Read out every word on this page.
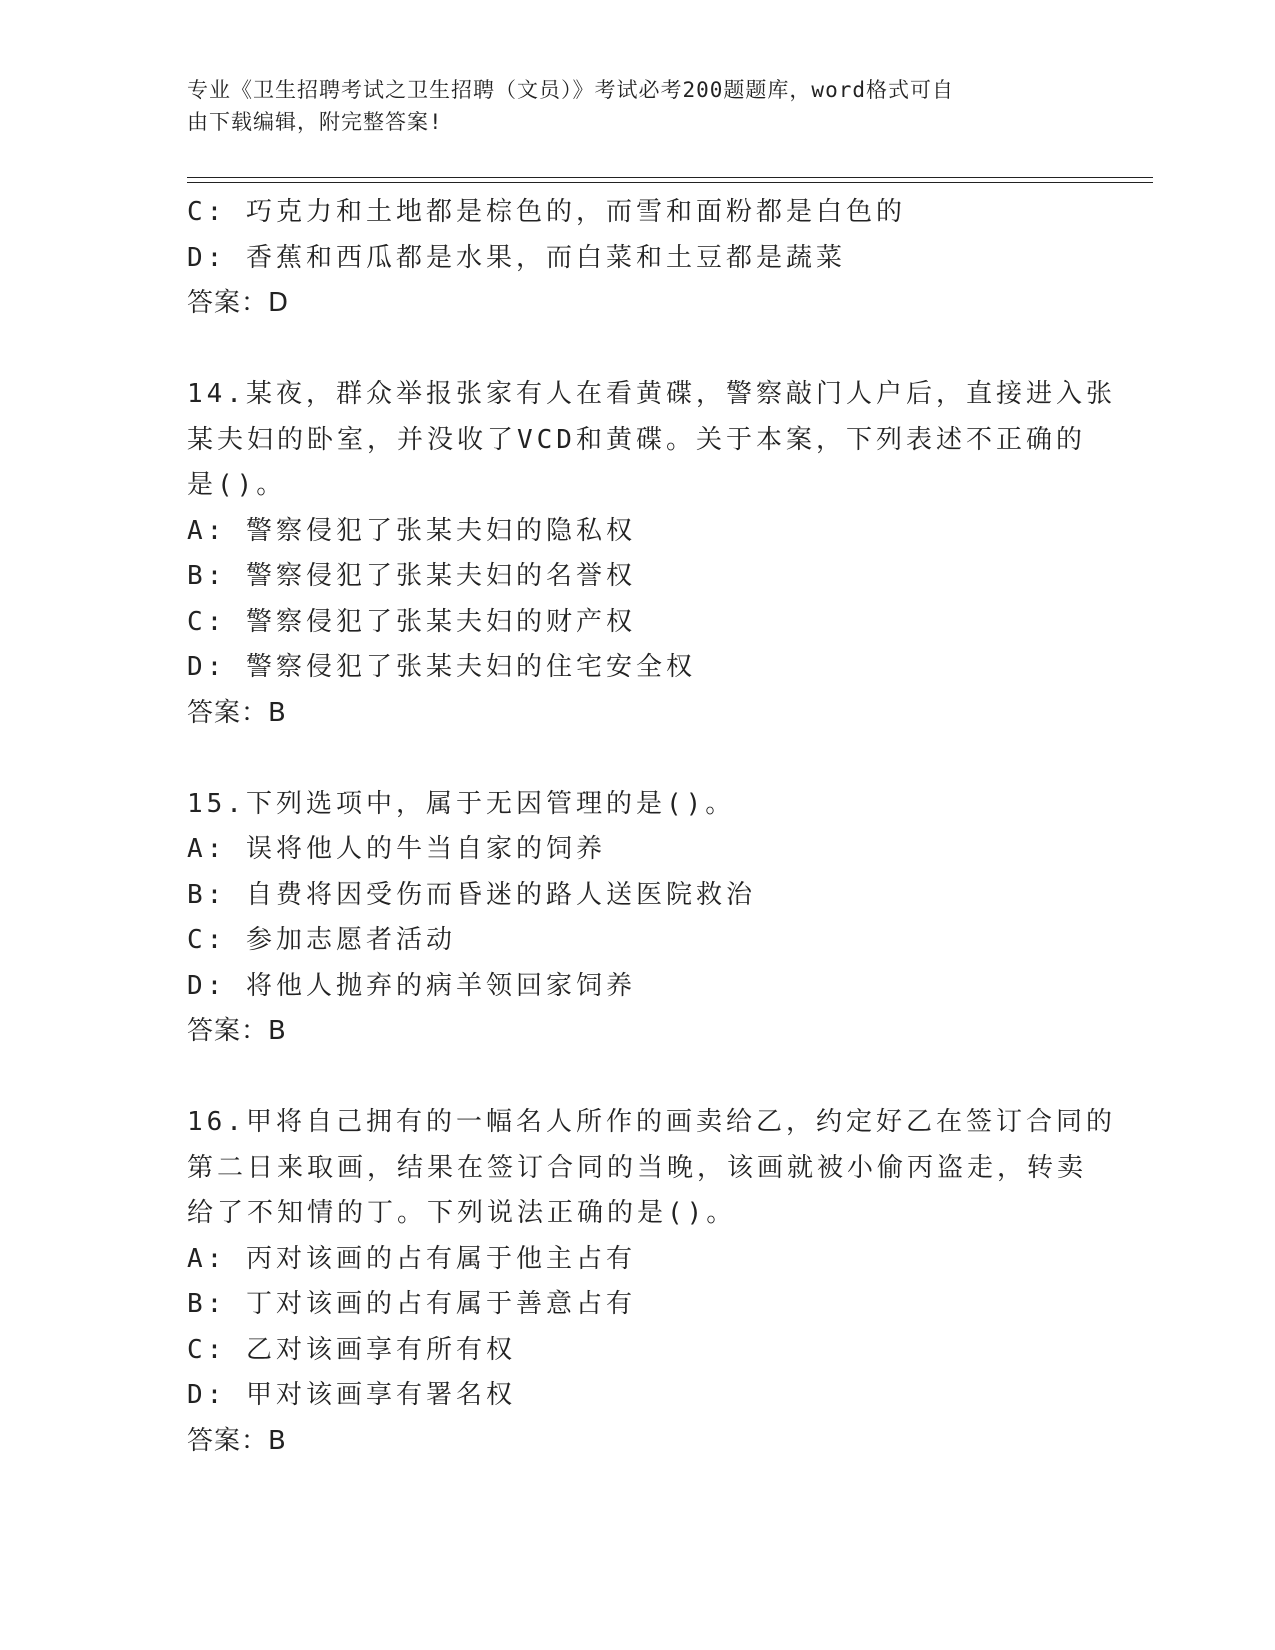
专业《卫生招聘考试之卫生招聘（文员）》考试必考200题题库，word格式可自
由下载编辑，附完整答案!
C: 巧克力和土地都是棕色的，而雪和面粉都是白色的
D: 香蕉和西瓜都是水果，而白菜和土豆都是蔬菜
答案：D
14.某夜，群众举报张家有人在看黄碟，警察敲门人户后，直接进入张
某夫妇的卧室，并没收了VCD和黄碟。关于本案，下列表述不正确的
是()。
A: 警察侵犯了张某夫妇的隐私权
B: 警察侵犯了张某夫妇的名誉权
C: 警察侵犯了张某夫妇的财产权
D: 警察侵犯了张某夫妇的住宅安全权
答案：B
15.下列选项中，属于无因管理的是()。
A: 误将他人的牛当自家的饲养
B: 自费将因受伤而昏迷的路人送医院救治
C: 参加志愿者活动
D: 将他人抛弃的病羊领回家饲养
答案：B
16.甲将自己拥有的一幅名人所作的画卖给乙，约定好乙在签订合同的
第二日来取画，结果在签订合同的当晚，该画就被小偷丙盗走，转卖
给了不知情的丁。下列说法正确的是()。
A: 丙对该画的占有属于他主占有
B: 丁对该画的占有属于善意占有
C: 乙对该画享有所有权
D: 甲对该画享有署名权
答案：B
